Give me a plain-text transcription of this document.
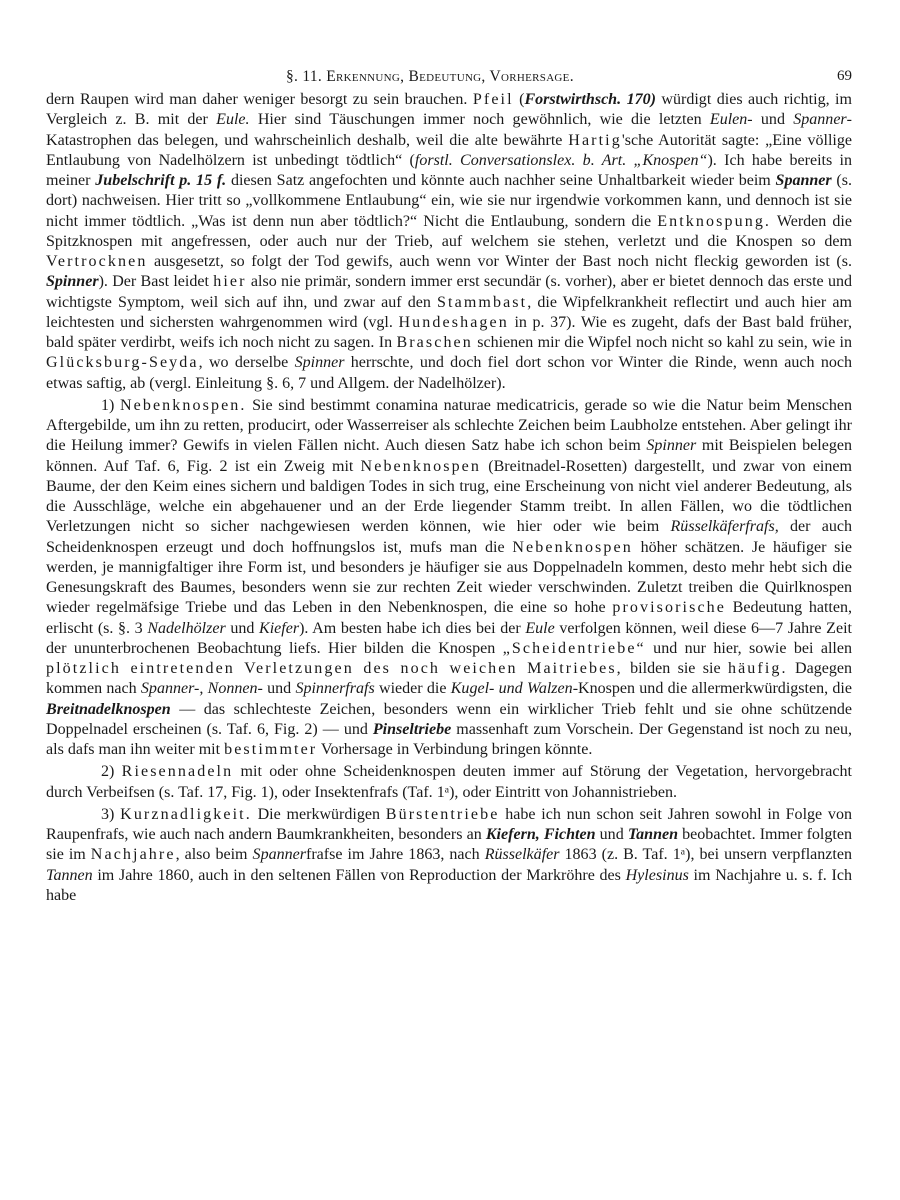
§. 11. Erkennung, Bedeutung, Vorhersage.	69

dern Raupen wird man daher weniger besorgt zu sein brauchen. Pfeil (Forstwirthsch. 170) würdigt dies auch richtig, im Vergleich z. B. mit der Eule. Hier sind Täuschungen immer noch gewöhnlich, wie die letzten Eulen- und Spanner-Katastrophen das belegen, und wahrscheinlich deshalb, weil die alte bewährte Hartig'sche Autorität sagte: „Eine völlige Entlaubung von Nadelhölzern ist unbedingt tödtlich“ (forstl. Conversationslex. b. Art. „Knospen“). Ich habe bereits in meiner Jubelschrift p. 15 f. diesen Satz angefochten und könnte auch nachher seine Unhaltbarkeit wieder beim Spanner (s. dort) nachweisen. Hier tritt so „vollkommene Entlaubung“ ein, wie sie nur irgendwie vorkommen kann, und dennoch ist sie nicht immer tödtlich. „Was ist denn nun aber tödtlich?“ Nicht die Entlaubung, sondern die Entknospung. Werden die Spitzknospen mit angefressen, oder auch nur der Trieb, auf welchem sie stehen, verletzt und die Knospen so dem Vertrocknen ausgesetzt, so folgt der Tod gewifs, auch wenn vor Winter der Bast noch nicht fleckig geworden ist (s. Spinner). Der Bast leidet hier also nie primär, sondern immer erst secundär (s. vorher), aber er bietet dennoch das erste und wichtigste Symptom, weil sich auf ihn, und zwar auf den Stammbast, die Wipfelkrankheit reflectirt und auch hier am leichtesten und sichersten wahrgenommen wird (vgl. Hundeshagen in p. 37). Wie es zugeht, dafs der Bast bald früher, bald später verdirbt, weifs ich noch nicht zu sagen. In Braschen schienen mir die Wipfel noch nicht so kahl zu sein, wie in Glücksburg-Seyda, wo derselbe Spinner herrschte, und doch fiel dort schon vor Winter die Rinde, wenn auch noch etwas saftig, ab (vergl. Einleitung §. 6, 7 und Allgem. der Nadelhölzer).

1) Nebenknospen. Sie sind bestimmt conamina naturae medicatricis, gerade so wie die Natur beim Menschen Aftergebilde, um ihn zu retten, producirt, oder Wasserreiser als schlechte Zeichen beim Laubholze entstehen. Aber gelingt ihr die Heilung immer? Gewifs in vielen Fällen nicht. Auch diesen Satz habe ich schon beim Spinner mit Beispielen belegen können. Auf Taf. 6, Fig. 2 ist ein Zweig mit Nebenknospen (Breitnadel-Rosetten) dargestellt, und zwar von einem Baume, der den Keim eines sichern und baldigen Todes in sich trug, eine Erscheinung von nicht viel anderer Bedeutung, als die Ausschläge, welche ein abgehauener und an der Erde liegender Stamm treibt. In allen Fällen, wo die tödtlichen Verletzungen nicht so sicher nachgewiesen werden können, wie hier oder wie beim Rüsselkäferfrafs, der auch Scheidenknospen erzeugt und doch hoffnungslos ist, mufs man die Nebenknospen höher schätzen. Je häufiger sie werden, je mannigfaltiger ihre Form ist, und besonders je häufiger sie aus Doppelnadeln kommen, desto mehr hebt sich die Genesungskraft des Baumes, besonders wenn sie zur rechten Zeit wieder verschwinden. Zuletzt treiben die Quirlknospen wieder regelmäfsige Triebe und das Leben in den Nebenknospen, die eine so hohe provisorische Bedeutung hatten, erlischt (s. §. 3 Nadelhölzer und Kiefer). Am besten habe ich dies bei der Eule verfolgen können, weil diese 6—7 Jahre Zeit der ununterbrochenen Beobachtung liefs. Hier bilden die Knospen „Scheidentriebe“ und nur hier, sowie bei allen plötzlich eintretenden Verletzungen des noch weichen Maitriebes, bilden sie sie häufig. Dagegen kommen nach Spanner-, Nonnen- und Spinnerfrafs wieder die Kugel- und Walzen-Knospen und die allermerkwürdigsten, die Breitnadelknospen — das schlechteste Zeichen, besonders wenn ein wirklicher Trieb fehlt und sie ohne schützende Doppelnadel erscheinen (s. Taf. 6, Fig. 2) — und Pinseltriebe massenhaft zum Vorschein. Der Gegenstand ist noch zu neu, als dafs man ihn weiter mit bestimmter Vorhersage in Verbindung bringen könnte.

2) Riesennadeln mit oder ohne Scheidenknospen deuten immer auf Störung der Vegetation, hervorgebracht durch Verbeifsen (s. Taf. 17, Fig. 1), oder Insektenfrafs (Taf. 1ᵃ), oder Eintritt von Johannistrieben.

3) Kurznadligkeit. Die merkwürdigen Bürstentriebe habe ich nun schon seit Jahren sowohl in Folge von Raupenfrafs, wie auch nach andern Baumkrankheiten, besonders an Kiefern, Fichten und Tannen beobachtet. Immer folgten sie im Nachjahre, also beim Spannerfrafse im Jahre 1863, nach Rüsselkäfer 1863 (z. B. Taf. 1ᵃ), bei unsern verpflanzten Tannen im Jahre 1860, auch in den seltenen Fällen von Reproduction der Markröhre des Hylesinus im Nachjahre u. s. f. Ich habe
